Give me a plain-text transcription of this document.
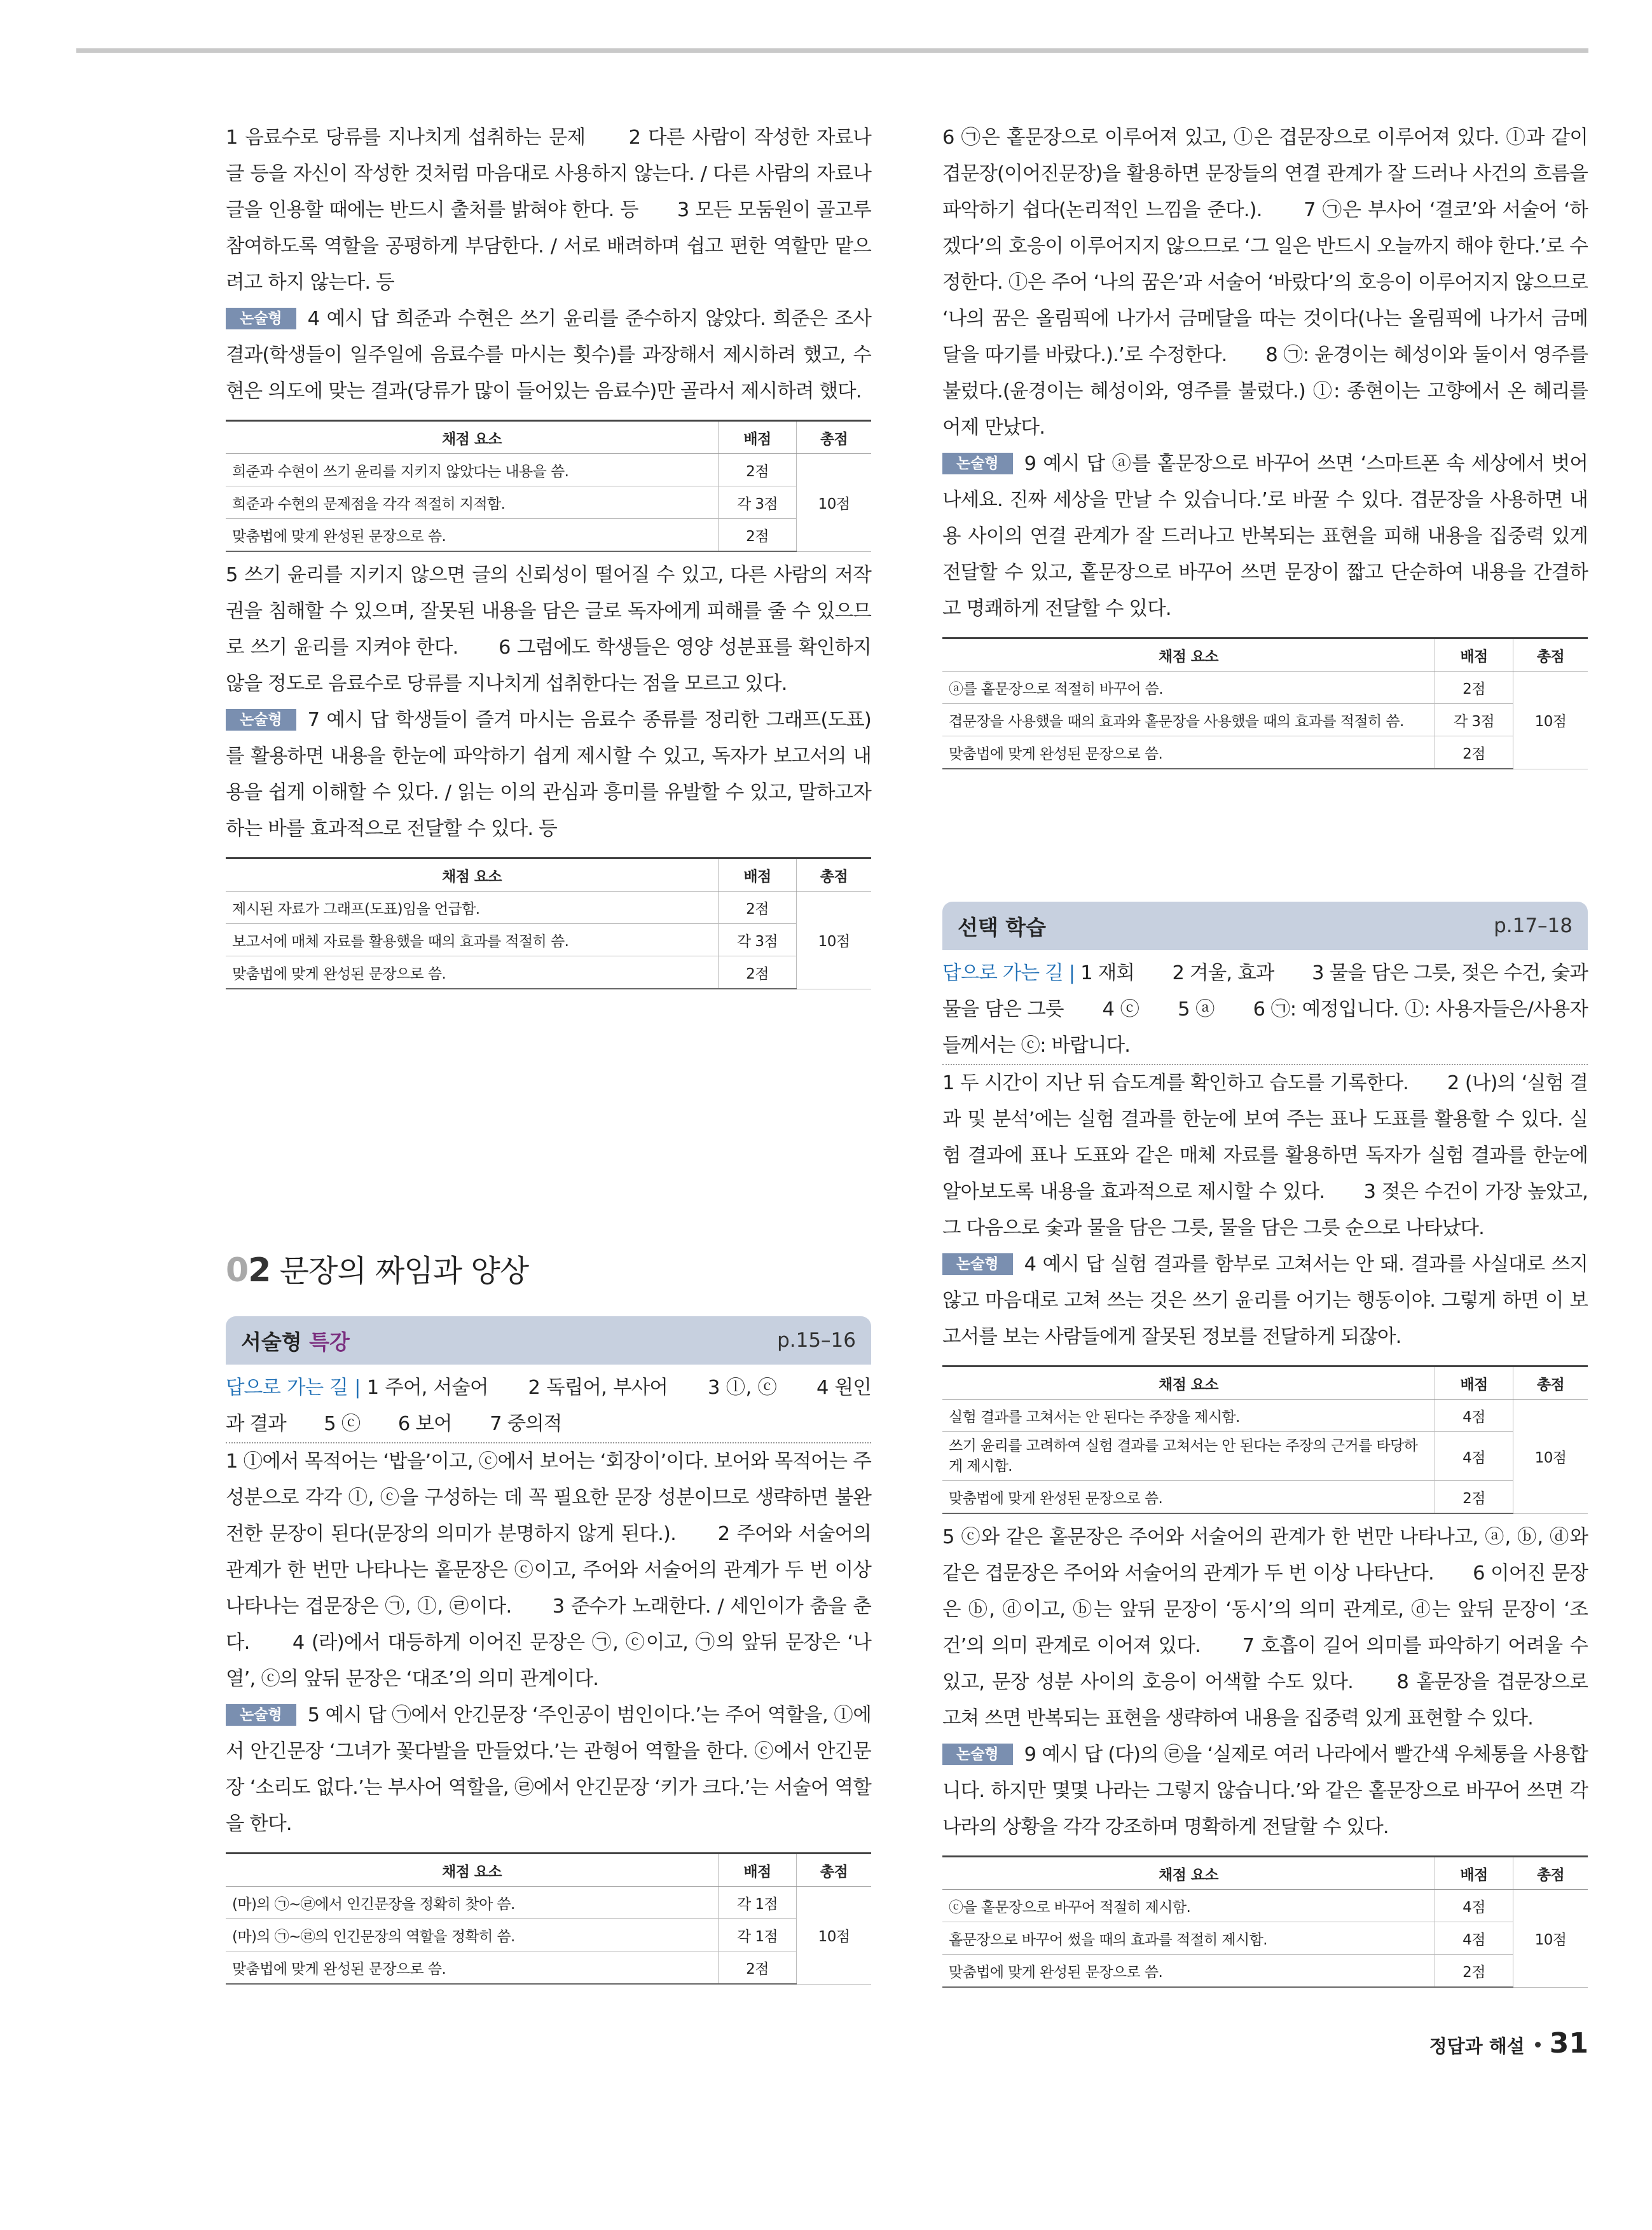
1 음료수로 당류를 지나치게 섭취하는 문제　　2 다른 사람이 작성한 자료나 글 등을 자신이 작성한 것처럼 마음대로 사용하지 않는다. / 다른 사람의 자료나 글을 인용할 때에는 반드시 출처를 밝혀야 한다. 등　　3 모든 모둠원이 골고루 참여하도록 역할을 공평하게 부담한다. / 서로 배려하며 쉽고 편한 역할만 맡으려고 하지 않는다. 등

논술형 4 예시 답 희준과 수현은 쓰기 윤리를 준수하지 않았다. 희준은 조사 결과(학생들이 일주일에 음료수를 마시는 횟수)를 과장해서 제시하려 했고, 수현은 의도에 맞는 결과(당류가 많이 들어있는 음료수)만 골라서 제시하려 했다.

채점 요소	배점	총점
희준과 수현이 쓰기 윤리를 지키지 않았다는 내용을 씀.	2점	10점
희준과 수현의 문제점을 각각 적절히 지적함.	각 3점	
맞춤법에 맞게 완성된 문장으로 씀.	2점	

5 쓰기 윤리를 지키지 않으면 글의 신뢰성이 떨어질 수 있고, 다른 사람의 저작권을 침해할 수 있으며, 잘못된 내용을 담은 글로 독자에게 피해를 줄 수 있으므로 쓰기 윤리를 지켜야 한다.　　6 그럼에도 학생들은 영양 성분표를 확인하지 않을 정도로 음료수로 당류를 지나치게 섭취한다는 점을 모르고 있다.

논술형 7 예시 답 학생들이 즐겨 마시는 음료수 종류를 정리한 그래프(도표)를 활용하면 내용을 한눈에 파악하기 쉽게 제시할 수 있고, 독자가 보고서의 내용을 쉽게 이해할 수 있다. / 읽는 이의 관심과 흥미를 유발할 수 있고, 말하고자 하는 바를 효과적으로 전달할 수 있다. 등

채점 요소	배점	총점
제시된 자료가 그래프(도표)임을 언급함.	2점	10점
보고서에 매체 자료를 활용했을 때의 효과를 적절히 씀.	각 3점	
맞춤법에 맞게 완성된 문장으로 씀.	2점	
02 문장의 짜임과 양상
서술형 특강	p.15–16

답으로 가는 길 | 1 주어, 서술어　　2 독립어, 부사어　　3 ⓛ, ⓒ　　4 원인과 결과　　5 ⓒ　　6 보어　　7 중의적

1 ⓛ에서 목적어는 ‘밥을’이고, ⓒ에서 보어는 ‘회장이’이다. 보어와 목적어는 주성분으로 각각 ⓛ, ⓒ을 구성하는 데 꼭 필요한 문장 성분이므로 생략하면 불완전한 문장이 된다(문장의 의미가 분명하지 않게 된다.).　　2 주어와 서술어의 관계가 한 번만 나타나는 홑문장은 ⓒ이고, 주어와 서술어의 관계가 두 번 이상 나타나는 겹문장은 ㉠, ⓛ, ㉣이다.　　3 준수가 노래한다. / 세인이가 춤을 춘다.　　4 (라)에서 대등하게 이어진 문장은 ㉠, ⓒ이고, ㉠의 앞뒤 문장은 ‘나열’, ⓒ의 앞뒤 문장은 ‘대조’의 의미 관계이다.

논술형 5 예시 답 ㉠에서 안긴문장 ‘주인공이 범인이다.’는 주어 역할을, ⓛ에서 안긴문장 ‘그녀가 꽃다발을 만들었다.’는 관형어 역할을 한다. ⓒ에서 안긴문장 ‘소리도 없다.’는 부사어 역할을, ㉣에서 안긴문장 ‘키가 크다.’는 서술어 역할을 한다.

채점 요소	배점	총점
(마)의 ㉠~㉣에서 인긴문장을 정확히 찾아 씀.	각 1점	10점
(마)의 ㉠~㉣의 인긴문장의 역할을 정확히 씀.	각 1점	
맞춤법에 맞게 완성된 문장으로 씀.	2점	

6 ㉠은 홑문장으로 이루어져 있고, ⓛ은 겹문장으로 이루어져 있다. ⓛ과 같이 겹문장(이어진문장)을 활용하면 문장들의 연결 관계가 잘 드러나 사건의 흐름을 파악하기 쉽다(논리적인 느낌을 준다.).　　7 ㉠은 부사어 ‘결코’와 서술어 ‘하겠다’의 호응이 이루어지지 않으므로 ‘그 일은 반드시 오늘까지 해야 한다.’로 수정한다. ⓛ은 주어 ‘나의 꿈은’과 서술어 ‘바랐다’의 호응이 이루어지지 않으므로 ‘나의 꿈은 올림픽에 나가서 금메달을 따는 것이다(나는 올림픽에 나가서 금메달을 따기를 바랐다.).’로 수정한다.　　8 ㉠: 윤경이는 혜성이와 둘이서 영주를 불렀다.(윤경이는 혜성이와, 영주를 불렀다.) ⓛ: 종현이는 고향에서 온 혜리를 어제 만났다.

논술형 9 예시 답 ⓐ를 홑문장으로 바꾸어 쓰면 ‘스마트폰 속 세상에서 벗어나세요. 진짜 세상을 만날 수 있습니다.’로 바꿀 수 있다. 겹문장을 사용하면 내용 사이의 연결 관계가 잘 드러나고 반복되는 표현을 피해 내용을 집중력 있게 전달할 수 있고, 홑문장으로 바꾸어 쓰면 문장이 짧고 단순하여 내용을 간결하고 명쾌하게 전달할 수 있다.

채점 요소	배점	총점
ⓐ를 홑문장으로 적절히 바꾸어 씀.	2점	10점
겹문장을 사용했을 때의 효과와 홑문장을 사용했을 때의 효과를 적절히 씀.	각 3점	
맞춤법에 맞게 완성된 문장으로 씀.	2점	
선택 학습	p.17–18

답으로 가는 길 | 1 재회　　2 겨울, 효과　　3 물을 담은 그릇, 젖은 수건, 숯과 물을 담은 그릇　　4 ⓒ　　5 ⓐ　　6 ㉠: 예정입니다. ⓛ: 사용자들은/사용자들께서는 ⓒ: 바랍니다.

1 두 시간이 지난 뒤 습도계를 확인하고 습도를 기록한다.　　2 (나)의 ‘실험 결과 및 분석’에는 실험 결과를 한눈에 보여 주는 표나 도표를 활용할 수 있다. 실험 결과에 표나 도표와 같은 매체 자료를 활용하면 독자가 실험 결과를 한눈에 알아보도록 내용을 효과적으로 제시할 수 있다.　　3 젖은 수건이 가장 높았고, 그 다음으로 숯과 물을 담은 그릇, 물을 담은 그릇 순으로 나타났다.

논술형 4 예시 답 실험 결과를 함부로 고쳐서는 안 돼. 결과를 사실대로 쓰지 않고 마음대로 고쳐 쓰는 것은 쓰기 윤리를 어기는 행동이야. 그렇게 하면 이 보고서를 보는 사람들에게 잘못된 정보를 전달하게 되잖아.

채점 요소	배점	총점
실험 결과를 고쳐서는 안 된다는 주장을 제시함.	4점	10점
쓰기 윤리를 고려하여 실험 결과를 고쳐서는 안 된다는 주장의 근거를 타당하게 제시함.	4점	
맞춤법에 맞게 완성된 문장으로 씀.	2점	

5 ⓒ와 같은 홑문장은 주어와 서술어의 관계가 한 번만 나타나고, ⓐ, ⓑ, ⓓ와 같은 겹문장은 주어와 서술어의 관계가 두 번 이상 나타난다.　　6 이어진 문장은 ⓑ, ⓓ이고, ⓑ는 앞뒤 문장이 ‘동시’의 의미 관계로, ⓓ는 앞뒤 문장이 ‘조건’의 의미 관계로 이어져 있다.　　7 호흡이 길어 의미를 파악하기 어려울 수 있고, 문장 성분 사이의 호응이 어색할 수도 있다.　　8 홑문장을 겹문장으로 고쳐 쓰면 반복되는 표현을 생략하여 내용을 집중력 있게 표현할 수 있다.

논술형 9 예시 답 (다)의 ㉣을 ‘실제로 여러 나라에서 빨간색 우체통을 사용합니다. 하지만 몇몇 나라는 그렇지 않습니다.’와 같은 홑문장으로 바꾸어 쓰면 각 나라의 상황을 각각 강조하며 명확하게 전달할 수 있다.

채점 요소	배점	총점
ⓒ을 홑문장으로 바꾸어 적절히 제시함.	4점	10점
홑문장으로 바꾸어 썼을 때의 효과를 적절히 제시함.	4점	
맞춤법에 맞게 완성된 문장으로 씀.	2점	
정답과 해설 31
